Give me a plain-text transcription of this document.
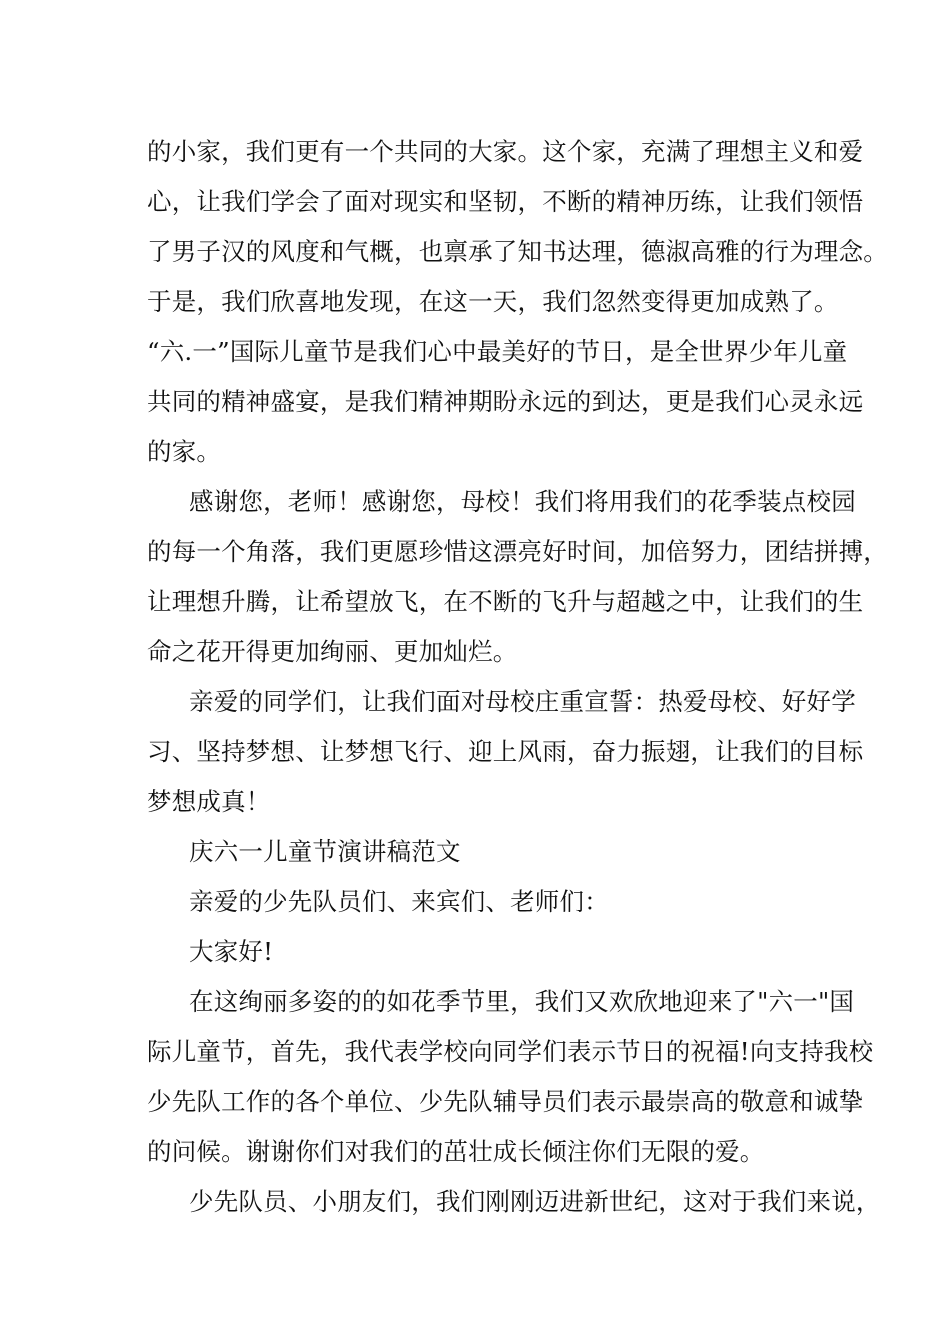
的小家，我们更有一个共同的大家。这个家，充满了理想主义和爱
心，让我们学会了面对现实和坚韧，不断的精神历练，让我们领悟
了男子汉的风度和气概，也禀承了知书达理，德淑高雅的行为理念。
于是，我们欣喜地发现，在这一天，我们忽然变得更加成熟了。
“六.一”国际儿童节是我们心中最美好的节日，是全世界少年儿童
共同的精神盛宴，是我们精神期盼永远的到达，更是我们心灵永远
的家。
感谢您，老师！感谢您，母校！我们将用我们的花季装点校园
的每一个角落，我们更愿珍惜这漂亮好时间，加倍努力，团结拼搏，
让理想升腾，让希望放飞，在不断的飞升与超越之中，让我们的生
命之花开得更加绚丽、更加灿烂。
亲爱的同学们，让我们面对母校庄重宣誓：热爱母校、好好学
习、坚持梦想、让梦想飞行、迎上风雨，奋力振翅，让我们的目标
梦想成真！
庆六一儿童节演讲稿范文
亲爱的少先队员们、来宾们、老师们：
大家好!
在这绚丽多姿的的如花季节里，我们又欢欣地迎来了"六一"国
际儿童节，首先，我代表学校向同学们表示节日的祝福!向支持我校
少先队工作的各个单位、少先队辅导员们表示最崇高的敬意和诚挚
的问候。谢谢你们对我们的茁壮成长倾注你们无限的爱。
少先队员、小朋友们，我们刚刚迈进新世纪，这对于我们来说，
